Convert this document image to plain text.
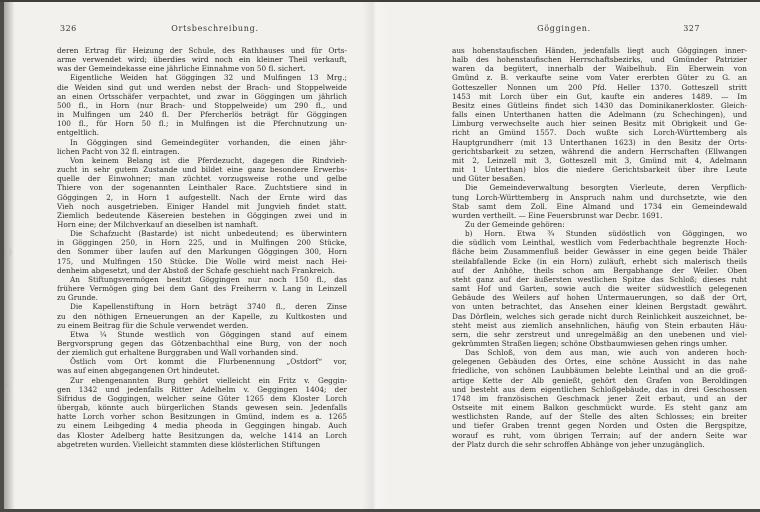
326	Ortsbeschreibung.
deren Ertrag für Heizung der Schule, des Rathhauses und für Orts-
arme verwendet wird; überdies wird noch ein kleiner Theil verkauft,
was der Gemeindekasse eine jährliche Einnahme von 50 fl. sichert.
Eigentliche Weiden hat Göggingen 32 und Mulfingen 13 Mrg.;
die Weiden sind gut und werden nebst der Brach- und Stoppelweide
an einen Ortsschäfer verpachtet, und zwar in Göggingen um jährlich
500 fl., in Horn (nur Brach- und Stoppelweide) um 290 fl., und
in Mulfingen um 240 fl. Der Pfercherlös beträgt für Göggingen
100 fl., für Horn 50 fl.; in Mulfingen ist die Pferchnutzung un-
entgeltlich.
In Göggingen sind Gemeindegüter vorhanden, die einen jähr-
lichen Pacht von 32 fl. eintragen.
Von keinem Belang ist die Pferdezucht, dagegen die Rindvieh-
zucht in sehr gutem Zustande und bildet eine ganz besondere Erwerbs-
quelle der Einwohner; man züchtet vorzugsweise rothe und gelbe
Thiere von der sogenannten Leinthaler Race. Zuchtstiere sind in
Göggingen 2, in Horn 1 aufgestellt. Nach der Ernte wird das
Vieh noch ausgetrieben. Einiger Handel mit Jungvieh findet statt.
Ziemlich bedeutende Käsereien bestehen in Göggingen zwei und in
Horn eine; der Milchverkauf an dieselben ist namhaft.
Die Schafzucht (Bastarde) ist nicht unbedeutend; es überwintern
in Göggingen 250, in Horn 225, und in Mulfingen 200 Stücke,
den Sommer über laufen auf den Markungen Göggingen 300, Horn
175, und Mulfingen 150 Stücke. Die Wolle wird meist nach Hei-
denheim abgesetzt, und der Abstoß der Schafe geschieht nach Frankreich.
An Stiftungsvermögen besitzt Göggingen nur noch 150 fl., das
frühere Vermögen ging bei dem Gant des Freiherrn v. Lang in Leinzell
zu Grunde.
Die Kapellenstiftung in Horn beträgt 3740 fl., deren Zinse
zu den nöthigen Erneuerungen an der Kapelle, zu Kultkosten und
zu einem Beitrag für die Schule verwendet werden.
Etwa ¼ Stunde westlich von Göggingen stand auf einem
Bergvorsprung gegen das Götzenbachthal eine Burg, von der noch
der ziemlich gut erhaltene Burggraben und Wall vorhanden sind.
Östlich vom Ort kommt die Flurbenennung „Ostdorf“ vor,
was auf einen abgegangenen Ort hindeutet.
Zur ebengenannten Burg gehört vielleicht ein Fritz v. Geggin-
gen 1342 und jedenfalls Ritter Adelhelm v. Geggingen 1404; der
Sifridus de Goggingen, welcher seine Güter 1265 dem Kloster Lorch
übergab, könnte auch bürgerlichen Stands gewesen sein. Jedenfalls
hatte Lorch vorher schon Besitzungen in Gmünd, indem es a. 1265
zu einem Leibgeding 4 media pheoda in Geggingen hingab. Auch
das Kloster Adelberg hatte Besitzungen da, welche 1414 an Lorch
abgetreten wurden. Vielleicht stammten diese klösterlichen Stiftungen
Göggingen.	327
aus hohenstaufischen Händen, jedenfalls liegt auch Göggingen inner-
halb des hohenstaufischen Herrschaftsbezirks, und Gmünder Patrizier
waren da begütert, innerhalb der Waibelhub. Ein Eberwein von
Gmünd z. B. verkaufte seine vom Vater ererbten Güter zu G. an
Gotteszeller Nonnen um 200 Pfd. Heller 1370. Gotteszell stritt
1453 mit Lorch über ein Gut, kaufte ein anderes 1489. — Im
Besitz eines Gütleins findet sich 1430 das Dominikanerkloster. Gleich-
falls einen Unterthanen hatten die Adelmann (zu Schechingen), und
Limburg verwechselte auch hier seinen Besitz mit Obrigkeit und Ge-
richt an Gmünd 1557. Doch wußte sich Lorch-Württemberg als
Hauptgrundherr (mit 13 Unterthanen 1623) in den Besitz der Orts-
gerichtsbarkeit zu setzen, während die andern Herrschaften (Ellwangen
mit 2, Leinzell mit 3, Gotteszell mit 3, Gmünd mit 4, Adelmann
mit 1 Unterthan) blos die niedere Gerichtsbarkeit über ihre Leute
und Güter besaßen.
Die Gemeindeverwaltung besorgten Vierleute, deren Verpflich-
tung Lorch-Württemberg in Anspruch nahm und durchsetzte, wie den
Stab samt dem Zoll. Eine Almand und 1734 ein Gemeindewald
wurden vertheilt. — Eine Feuersbrunst war Decbr. 1691.
Zu der Gemeinde gehören:
b) Horn. Etwa ¾ Stunden südöstlich von Göggingen, wo
die südlich vom Leinthal, westlich vom Federbachthale begrenzte Hoch-
fläche beim Zusammenfluß beider Gewässer in eine gegen beide Thäler
steilabfallende Ecke (in ein Horn) zuläuft, erhebt sich malerisch theils
auf der Anhöhe, theils schon am Bergabhange der Weiler. Oben
steht ganz auf der äußersten westlichen Spitze das Schloß; dieses ruht
samt Hof und Garten, sowie auch die weiter südwestlich gelegenen
Gebäude des Weilers auf hohen Untermauerungen, so daß der Ort,
von unten betrachtet, das Ansehen einer kleinen Bergstadt gewährt.
Das Dörflein, welches sich gerade nicht durch Reinlichkeit auszeichnet, be-
steht meist aus ziemlich ansehnlichen, häufig von Stein erbauten Häu-
sern, die sehr zerstreut und unregelmäßig an den unebenen und viel-
gekrümmten Straßen liegen; schöne Obstbaumwiesen gehen rings umher.
Das Schloß, von dem aus man, wie auch von anderen hoch-
gelegenen Gebäuden des Ortes, eine schöne Aussicht in das nahe
friedliche, von schönen Laubbäumen belebte Leinthal und an die groß-
artige Kette der Alb genießt, gehört den Grafen von Beroldingen
und besteht aus dem eigentlichen Schloßgebäude, das in drei Geschossen
1748 im französischen Geschmack jener Zeit erbaut, und an der
Ostseite mit einem Balkon geschmückt wurde. Es steht ganz am
westlichsten Rande, auf der Stelle des alten Schlosses; ein breiter
und tiefer Graben trennt gegen Norden und Osten die Bergspitze,
worauf es ruht, vom übrigen Terrain; auf der andern Seite war
der Platz durch die sehr schroffen Abhänge von jeher unzugänglich.
